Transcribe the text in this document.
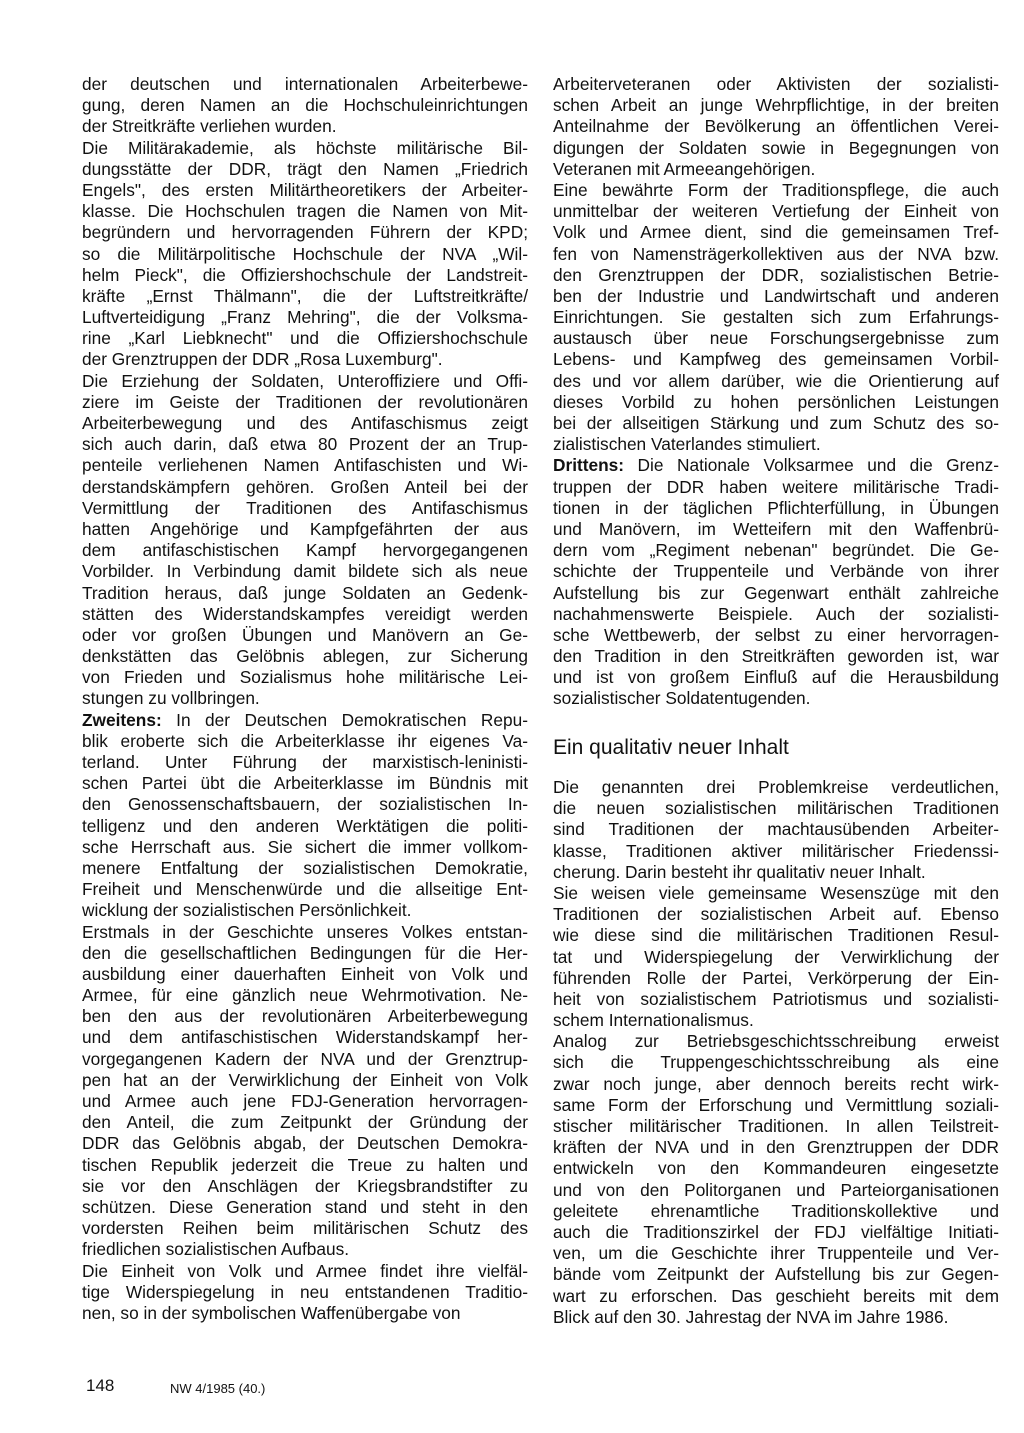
der deutschen und internationalen Arbeiterbewe-
gung, deren Namen an die Hochschuleinrichtungen
der Streitkräfte verliehen wurden.
Die Militärakademie, als höchste militärische Bil-
dungsstätte der DDR, trägt den Namen „Friedrich
Engels", des ersten Militärtheoretikers der Arbeiter-
klasse. Die Hochschulen tragen die Namen von Mit-
begründern und hervorragenden Führern der KPD;
so die Militärpolitische Hochschule der NVA „Wil-
helm Pieck", die Offiziershochschule der Landstreit-
kräfte „Ernst Thälmann", die der Luftstreitkräfte/
Luftverteidigung „Franz Mehring", die der Volksma-
rine „Karl Liebknecht" und die Offiziershochschule
der Grenztruppen der DDR „Rosa Luxemburg".
Die Erziehung der Soldaten, Unteroffiziere und Offi-
ziere im Geiste der Traditionen der revolutionären
Arbeiterbewegung und des Antifaschismus zeigt
sich auch darin, daß etwa 80 Prozent der an Trup-
penteile verliehenen Namen Antifaschisten und Wi-
derstandskämpfern gehören. Großen Anteil bei der
Vermittlung der Traditionen des Antifaschismus
hatten Angehörige und Kampfgefährten der aus
dem antifaschistischen Kampf hervorgegangenen
Vorbilder. In Verbindung damit bildete sich als neue
Tradition heraus, daß junge Soldaten an Gedenk-
stätten des Widerstandskampfes vereidigt werden
oder vor großen Übungen und Manövern an Ge-
denkstätten das Gelöbnis ablegen, zur Sicherung
von Frieden und Sozialismus hohe militärische Lei-
stungen zu vollbringen.
Zweitens: In der Deutschen Demokratischen Repu-
blik eroberte sich die Arbeiterklasse ihr eigenes Va-
terland. Unter Führung der marxistisch-leninisti-
schen Partei übt die Arbeiterklasse im Bündnis mit
den Genossenschaftsbauern, der sozialistischen In-
telligenz und den anderen Werktätigen die politi-
sche Herrschaft aus. Sie sichert die immer vollkom-
menere Entfaltung der sozialistischen Demokratie,
Freiheit und Menschenwürde und die allseitige Ent-
wicklung der sozialistischen Persönlichkeit.
Erstmals in der Geschichte unseres Volkes entstan-
den die gesellschaftlichen Bedingungen für die Her-
ausbildung einer dauerhaften Einheit von Volk und
Armee, für eine gänzlich neue Wehrmotivation. Ne-
ben den aus der revolutionären Arbeiterbewegung
und dem antifaschistischen Widerstandskampf her-
vorgegangenen Kadern der NVA und der Grenztrup-
pen hat an der Verwirklichung der Einheit von Volk
und Armee auch jene FDJ-Generation hervorragen-
den Anteil, die zum Zeitpunkt der Gründung der
DDR das Gelöbnis abgab, der Deutschen Demokra-
tischen Republik jederzeit die Treue zu halten und
sie vor den Anschlägen der Kriegsbrandstifter zu
schützen. Diese Generation stand und steht in den
vordersten Reihen beim militärischen Schutz des
friedlichen sozialistischen Aufbaus.
Die Einheit von Volk und Armee findet ihre vielfäl-
tige Widerspiegelung in neu entstandenen Traditio-
nen, so in der symbolischen Waffenübergabe von
Arbeiterveteranen oder Aktivisten der sozialisti-
schen Arbeit an junge Wehrpflichtige, in der breiten
Anteilnahme der Bevölkerung an öffentlichen Verei-
digungen der Soldaten sowie in Begegnungen von
Veteranen mit Armeeangehörigen.
Eine bewährte Form der Traditionspflege, die auch
unmittelbar der weiteren Vertiefung der Einheit von
Volk und Armee dient, sind die gemeinsamen Tref-
fen von Namensträgerkollektiven aus der NVA bzw.
den Grenztruppen der DDR, sozialistischen Betrie-
ben der Industrie und Landwirtschaft und anderen
Einrichtungen. Sie gestalten sich zum Erfahrungs-
austausch über neue Forschungsergebnisse zum
Lebens- und Kampfweg des gemeinsamen Vorbil-
des und vor allem darüber, wie die Orientierung auf
dieses Vorbild zu hohen persönlichen Leistungen
bei der allseitigen Stärkung und zum Schutz des so-
zialistischen Vaterlandes stimuliert.
Drittens: Die Nationale Volksarmee und die Grenz-
truppen der DDR haben weitere militärische Tradi-
tionen in der täglichen Pflichterfüllung, in Übungen
und Manövern, im Wetteifern mit den Waffenbrü-
dern vom „Regiment nebenan" begründet. Die Ge-
schichte der Truppenteile und Verbände von ihrer
Aufstellung bis zur Gegenwart enthält zahlreiche
nachahmenswerte Beispiele. Auch der sozialisti-
sche Wettbewerb, der selbst zu einer hervorragen-
den Tradition in den Streitkräften geworden ist, war
und ist von großem Einfluß auf die Herausbildung
sozialistischer Soldatentugenden.
Ein qualitativ neuer Inhalt
Die genannten drei Problemkreise verdeutlichen,
die neuen sozialistischen militärischen Traditionen
sind Traditionen der machtausübenden Arbeiter-
klasse, Traditionen aktiver militärischer Friedenssi-
cherung. Darin besteht ihr qualitativ neuer Inhalt.
Sie weisen viele gemeinsame Wesenszüge mit den
Traditionen der sozialistischen Arbeit auf. Ebenso
wie diese sind die militärischen Traditionen Resul-
tat und Widerspiegelung der Verwirklichung der
führenden Rolle der Partei, Verkörperung der Ein-
heit von sozialistischem Patriotismus und sozialisti-
schem Internationalismus.
Analog zur Betriebsgeschichtsschreibung erweist
sich die Truppengeschichtsschreibung als eine
zwar noch junge, aber dennoch bereits recht wirk-
same Form der Erforschung und Vermittlung soziali-
stischer militärischer Traditionen. In allen Teilstreit-
kräften der NVA und in den Grenztruppen der DDR
entwickeln von den Kommandeuren eingesetzte
und von den Politorganen und Parteiorganisationen
geleitete ehrenamtliche Traditionskollektive und
auch die Traditionszirkel der FDJ vielfältige Initiati-
ven, um die Geschichte ihrer Truppenteile und Ver-
bände vom Zeitpunkt der Aufstellung bis zur Gegen-
wart zu erforschen. Das geschieht bereits mit dem
Blick auf den 30. Jahrestag der NVA im Jahre 1986.
148	NW 4/1985 (40.)
